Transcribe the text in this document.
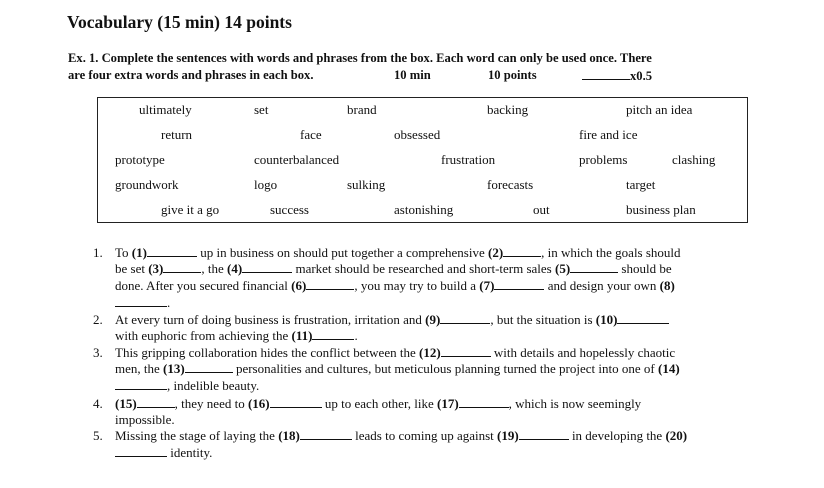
Vocabulary (15 min) 14 points
Ex. 1. Complete the sentences with words and phrases from the box. Each word can only be used once. There
are four extra words and phrases in each box.	10 min	10 points	x0.5
ultimately	set	brand	backing	pitch an idea
return	face	obsessed	fire and ice
prototype	counterbalanced	frustration	problems	clashing
groundwork	logo	sulking	forecasts	target
give it a go	success	astonishing	out	business plan
1. To (1)	up in business on should put together a comprehensive (2)	, in which the goals should
be set (3)	, the (4)	market should be researched and short-term sales (5)	should be
done. After you secured financial (6)	, you may try to build a (7)	and design your own (8)
.
2. At every turn of doing business is frustration, irritation and (9)	, but the situation is (10)
with euphoric from achieving the (11)	.
3. This gripping collaboration hides the conflict between the (12)	with details and hopelessly chaotic
men, the (13)	personalities and cultures, but meticulous planning turned the project into one of (14)
, indelible beauty.
4. (15)	, they need to (16)	up to each other, like (17)	, which is now seemingly
impossible.
5. Missing the stage of laying the (18)	leads to coming up against (19)	in developing the (20)
identity.
